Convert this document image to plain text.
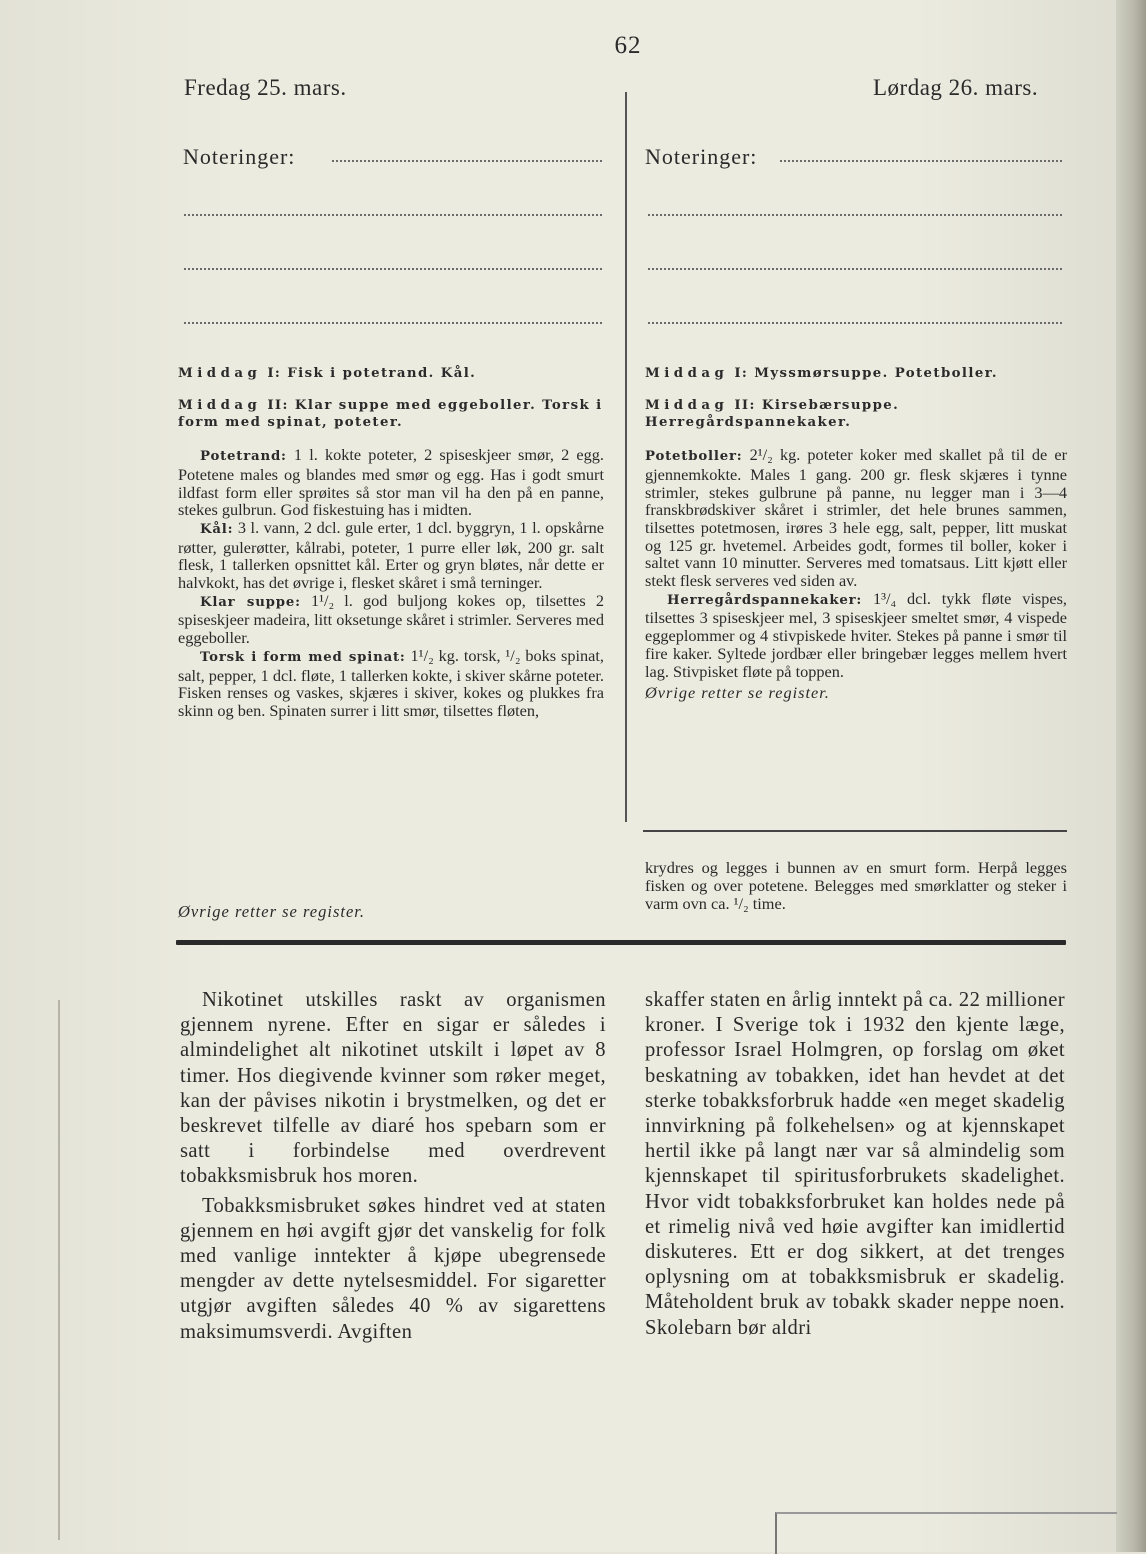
62
Fredag 25. mars.	Lørdag 26. mars.
Noteringer:	Noteringer:

Middag I: Fisk i potetrand. Kål.

Middag II: Klar suppe med eggeboller. Torsk i form med spinat, poteter.

Potetrand: 1 l. kokte poteter, 2 spiseskjeer smør, 2 egg. Potetene males og blandes med smør og egg. Has i godt smurt ildfast form eller sprøites så stor man vil ha den på en panne, stekes gulbrun. God fiskestuing has i midten.

Kål: 3 l. vann, 2 dcl. gule erter, 1 dcl. byggryn, 1 l. opskårne røtter, gulerøtter, kålrabi, poteter, 1 purre eller løk, 200 gr. salt flesk, 1 tallerken opsnittet kål. Erter og gryn bløtes, når dette er halvkokt, has det øvrige i, flesket skåret i små terninger.

Klar suppe: 1¹/₂ l. god buljong kokes op, tilsettes 2 spiseskjeer madeira, litt oksetunge skåret i strimler. Serveres med eggeboller.

Torsk i form med spinat: 1¹/₂ kg. torsk, ¹/₂ boks spinat, salt, pepper, 1 dcl. fløte, 1 tallerken kokte, i skiver skårne poteter. Fisken renses og vaskes, skjæres i skiver, kokes og plukkes fra skinn og ben. Spinaten surrer i litt smør, tilsettes fløten,

Øvrige retter se register.

Middag I: Myssmørsuppe. Potetboller.

Middag II: Kirsebærsuppe. Herregårdspannekaker.

Potetboller: 2¹/₂ kg. poteter koker med skallet på til de er gjennemkokte. Males 1 gang. 200 gr. flesk skjæres i tynne strimler, stekes gulbrune på panne, nu legger man i 3—4 franskbrødskiver skåret i strimler, det hele brunes sammen, tilsettes potetmosen, irøres 3 hele egg, salt, pepper, litt muskat og 125 gr. hvetemel. Arbeides godt, formes til boller, koker i saltet vann 10 minutter. Serveres med tomatsaus. Litt kjøtt eller stekt flesk serveres ved siden av.

Herregårdspannekaker: 1³/₄ dcl. tykk fløte vispes, tilsettes 3 spiseskjeer mel, 3 spiseskjeer smeltet smør, 4 vispede eggeplommer og 4 stivpiskede hviter. Stekes på panne i smør til fire kaker. Syltede jordbær eller bringebær legges mellem hvert lag. Stivpisket fløte på toppen.

Øvrige retter se register.

krydres og legges i bunnen av en smurt form. Herpå legges fisken og over potetene. Belegges med smørklatter og steker i varm ovn ca. ¹/₂ time.

Nikotinet utskilles raskt av organismen gjennem nyrene. Efter en sigar er således i almindelighet alt nikotinet utskilt i løpet av 8 timer. Hos diegivende kvinner som røker meget, kan der påvises nikotin i brystmelken, og det er beskrevet tilfelle av diaré hos spebarn som er satt i forbindelse med overdrevent tobakksmisbruk hos moren.

Tobakksmisbruket søkes hindret ved at staten gjennem en høi avgift gjør det vanskelig for folk med vanlige inntekter å kjøpe ubegrensede mengder av dette nytelsesmiddel. For sigaretter utgjør avgiften således 40 % av sigarettens maksimumsverdi. Avgiften

skaffer staten en årlig inntekt på ca. 22 millioner kroner. I Sverige tok i 1932 den kjente læge, professor Israel Holmgren, op forslag om øket beskatning av tobakken, idet han hevdet at det sterke tobakksforbruk hadde «en meget skadelig innvirkning på folkehelsen» og at kjennskapet hertil ikke på langt nær var så almindelig som kjennskapet til spiritusforbrukets skadelighet. Hvor vidt tobakksforbruket kan holdes nede på et rimelig nivå ved høie avgifter kan imidlertid diskuteres. Ett er dog sikkert, at det trenges oplysning om at tobakksmisbruk er skadelig. Måteholdent bruk av tobakk skader neppe noen. Skolebarn bør aldri
